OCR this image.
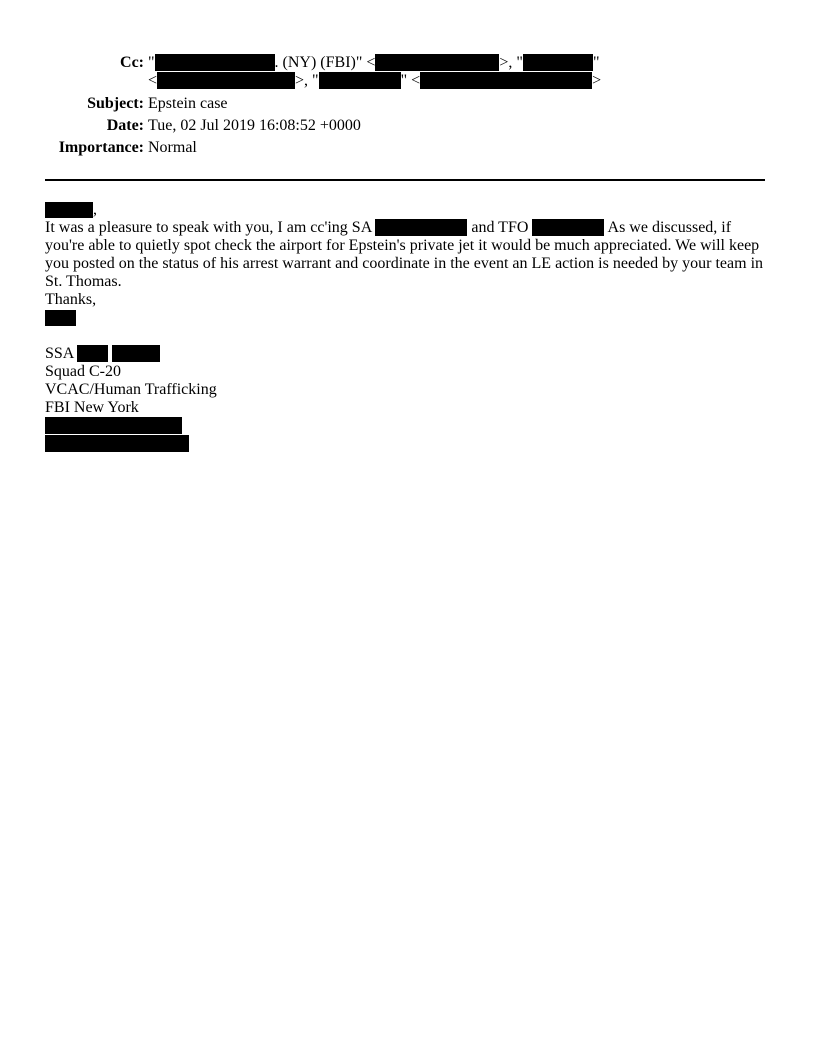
Cc: "	. (NY) (FBI)" <	>, "	"
<	>, "	" <	>
Subject: Epstein case
Date: Tue, 02 Jul 2019 16:08:52 +0000
Importance: Normal
,
It was a pleasure to speak with you, I am cc'ing SA	and TFO	. As we discussed, if
you're able to quietly spot check the airport for Epstein's private jet it would be much appreciated. We will keep
you posted on the status of his arrest warrant and coordinate in the event an LE action is needed by your team in
St. Thomas.
Thanks,
SSA
Squad C-20
VCAC/Human Trafficking
FBI New York
